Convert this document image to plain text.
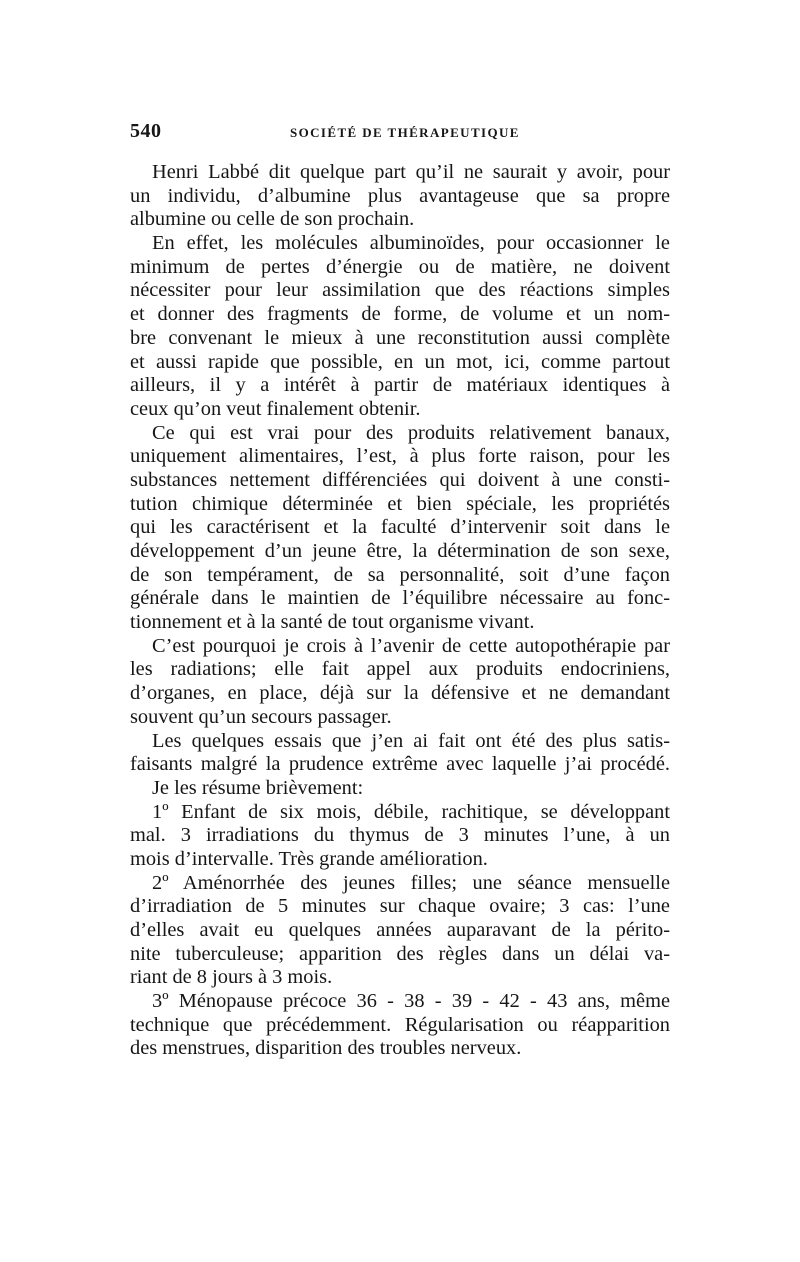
540	SOCIÉTÉ DE THÉRAPEUTIQUE
Henri Labbé dit quelque part qu’il ne saurait y avoir, pour
un individu, d’albumine plus avantageuse que sa propre
albumine ou celle de son prochain.
En effet, les molécules albuminoïdes, pour occasionner le
minimum de pertes d’énergie ou de matière, ne doivent
nécessiter pour leur assimilation que des réactions simples
et donner des fragments de forme, de volume et un nom-
bre convenant le mieux à une reconstitution aussi complète
et aussi rapide que possible, en un mot, ici, comme partout
ailleurs, il y a intérêt à partir de matériaux identiques à
ceux qu’on veut finalement obtenir.
Ce qui est vrai pour des produits relativement banaux,
uniquement alimentaires, l’est, à plus forte raison, pour les
substances nettement différenciées qui doivent à une consti-
tution chimique déterminée et bien spéciale, les propriétés
qui les caractérisent et la faculté d’intervenir soit dans le
développement d’un jeune être, la détermination de son sexe,
de son tempérament, de sa personnalité, soit d’une façon
générale dans le maintien de l’équilibre nécessaire au fonc-
tionnement et à la santé de tout organisme vivant.
C’est pourquoi je crois à l’avenir de cette autopothérapie par
les radiations; elle fait appel aux produits endocriniens,
d’organes, en place, déjà sur la défensive et ne demandant
souvent qu’un secours passager.
Les quelques essais que j’en ai fait ont été des plus satis-
faisants malgré la prudence extrême avec laquelle j’ai procédé.
Je les résume brièvement:
1º Enfant de six mois, débile, rachitique, se développant
mal. 3 irradiations du thymus de 3 minutes l’une, à un
mois d’intervalle. Très grande amélioration.
2º Aménorrhée des jeunes filles; une séance mensuelle
d’irradiation de 5 minutes sur chaque ovaire; 3 cas: l’une
d’elles avait eu quelques années auparavant de la périto-
nite tuberculeuse; apparition des règles dans un délai va-
riant de 8 jours à 3 mois.
3º Ménopause précoce 36 - 38 - 39 - 42 - 43 ans, même
technique que précédemment. Régularisation ou réapparition
des menstrues, disparition des troubles nerveux.
